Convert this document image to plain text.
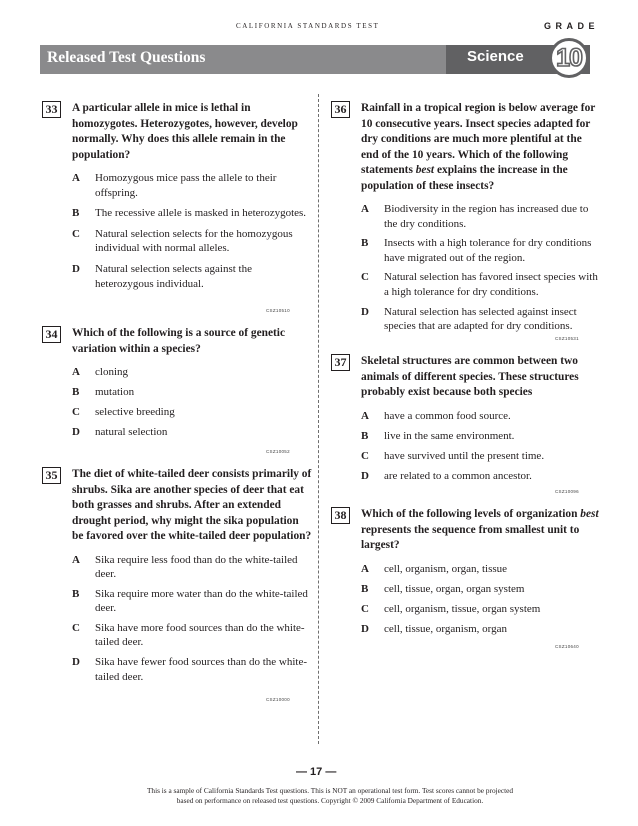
CALIFORNIA STANDARDS TEST	GRADE
Released Test Questions	Science 10
33	A particular allele in mice is lethal in homozygotes. Heterozygotes, however, develop normally. Why does this allele remain in the population?

A Homozygous mice pass the allele to their offspring.
B The recessive allele is masked in heterozygotes.
C Natural selection selects for the homozygous individual with normal alleles.
D Natural selection selects against the heterozygous individual.
CSZ10510
34	Which of the following is a source of genetic variation within a species?

A cloning
B mutation
C selective breeding
D natural selection
CSZ10052
35	The diet of white-tailed deer consists primarily of shrubs. Sika are another species of deer that eat both grasses and shrubs. After an extended drought period, why might the sika population be favored over the white-tailed deer population?

A Sika require less food than do the white-tailed deer.
B Sika require more water than do the white-tailed deer.
C Sika have more food sources than do the white-tailed deer.
D Sika have fewer food sources than do the white-tailed deer.
CSZ10000
36	Rainfall in a tropical region is below average for 10 consecutive years. Insect species adapted for dry conditions are much more plentiful at the end of the 10 years. Which of the following statements best explains the increase in the population of these insects?

A Biodiversity in the region has increased due to the dry conditions.
B Insects with a high tolerance for dry conditions have migrated out of the region.
C Natural selection has favored insect species with a high tolerance for dry conditions.
D Natural selection has selected against insect species that are adapted for dry conditions.
CSZ10531
37	Skeletal structures are common between two animals of different species. These structures probably exist because both species

A have a common food source.
B live in the same environment.
C have survived until the present time.
D are related to a common ancestor.
CSZ10096
38	Which of the following levels of organization best represents the sequence from smallest unit to largest?

A cell, organism, organ, tissue
B cell, tissue, organ, organ system
C cell, organism, tissue, organ system
D cell, tissue, organism, organ
CSZ10640
— 17 —
This is a sample of California Standards Test questions. This is NOT an operational test form. Test scores cannot be projected
based on performance on released test questions. Copyright © 2009 California Department of Education.
